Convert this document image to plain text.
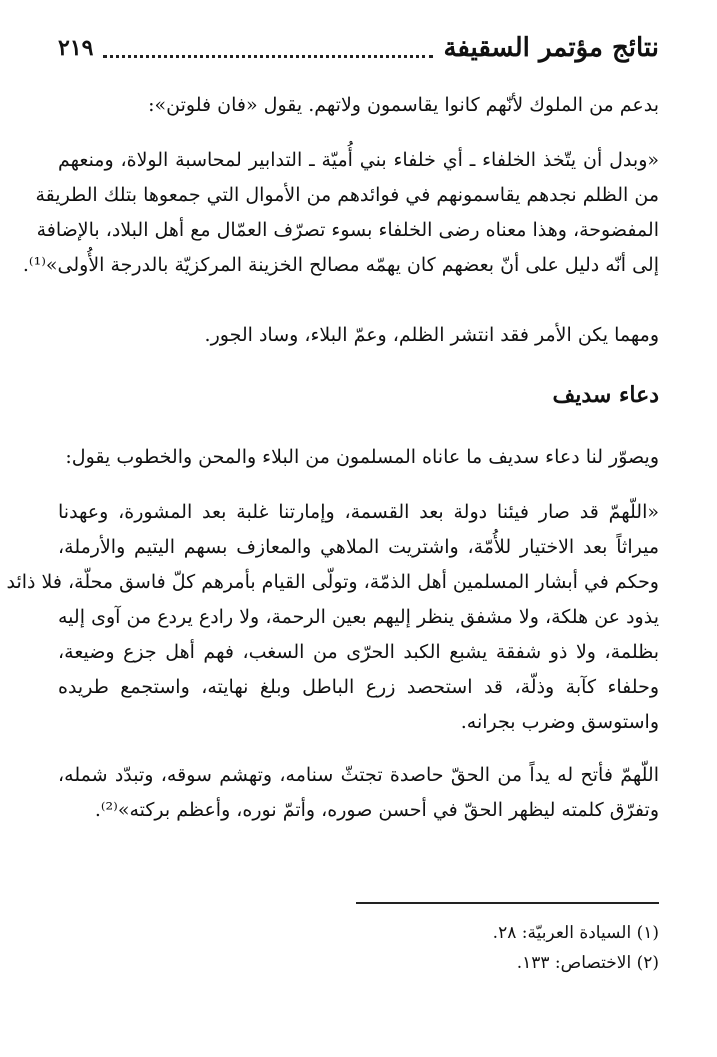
نتائج مؤتمر السقيفة
٢١٩
بدعم من الملوك لأنّهم كانوا يقاسمون ولاتهم. يقول «فان فلوتن»:
«وبدل أن يتّخذ الخلفاء ـ أي خلفاء بني أُميّة ـ التدابير لمحاسبة الولاة، ومنعهم
من الظلم نجدهم يقاسمونهم في فوائدهم من الأموال التي جمعوها بتلك الطريقة
المفضوحة، وهذا معناه رضى الخلفاء بسوء تصرّف العمّال مع أهل البلاد، بالإضافة
إلى أنّه دليل على أنّ بعضهم كان يهمّه مصالح الخزينة المركزيّة بالدرجة الأُولى»⁽¹⁾.
ومهما يكن الأمر فقد انتشر الظلم، وعمّ البلاء، وساد الجور.
دعاء سديف
ويصوّر لنا دعاء سديف ما عاناه المسلمون من البلاء والمحن والخطوب يقول:
«اللّهمّ قد صار فيئنا دولة بعد القسمة، وإمارتنا غلبة بعد المشورة، وعهدنا
ميراثاً بعد الاختيار للأُمّة، واشتريت الملاهي والمعازف بسهم اليتيم والأرملة،
وحكم في أبشار المسلمين أهل الذمّة، وتولّى القيام بأمرهم كلّ فاسق محلّة، فلا ذائد
يذود عن هلكة، ولا مشفق ينظر إليهم بعين الرحمة، ولا رادع يردع من آوى إليه
بظلمة، ولا ذو شفقة يشبع الكبد الحرّى من السغب، فهم أهل جزع وضيعة،
وحلفاء كآبة وذلّة، قد استحصد زرع الباطل وبلغ نهايته، واستجمع طريده
واستوسق وضرب بجرانه.
اللّهمّ فأتح له يداً من الحقّ حاصدة تجتثّ سنامه، وتهشم سوقه، وتبدّد شمله،
وتفرّق كلمته ليظهر الحقّ في أحسن صوره، وأتمّ نوره، وأعظم بركته»⁽²⁾.
(١) السيادة العربيّة: ٢٨.
(٢) الاختصاص: ١٣٣.
